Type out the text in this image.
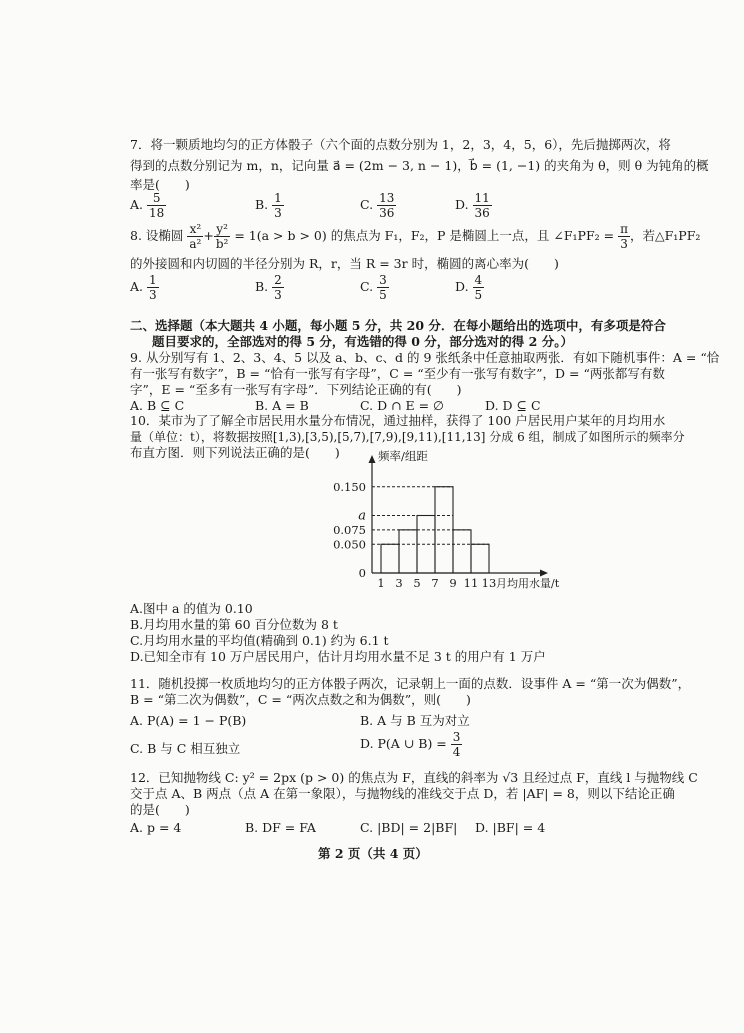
7．将一颗质地均匀的正方体骰子（六个面的点数分别为 1，2，3，4，5，6），先后抛掷两次，将
得到的点数分别记为 m，n，记向量 a⃗ = (2m − 3, n − 1)，b⃗ = (1, −1) 的夹角为 θ，则 θ 为钝角的概
率是(　　)
A. $\frac{5}{18}$	B. $\frac{1}{3}$	C. $\frac{13}{36}$	D. $\frac{11}{36}$
8. 设椭圆 $\frac{\text{x²}}{\text{a²}} + \frac{\text{y²}}{\text{b²}} = 1(a > b > 0)$ 的焦点为 F₁，F₂，P 是椭圆上一点，且 ∠F₁PF₂ = $\frac{\pi}{3}$ ，若△F₁PF₂
的外接圆和内切圆的半径分别为 R，r，当 R = 3r 时，椭圆的离心率为(　　)
A. $\frac{1}{3}$	B. $\frac{2}{3}$	C. $\frac{3}{5}$	D. $\frac{4}{5}$
二、选择题（本大题共 4 小题，每小题 5 分，共 20 分．在每小题给出的选项中，有多项是符合
题目要求的，全部选对的得 5 分，有选错的得 0 分，部分选对的得 2 分。）
9. 从分别写有 1、2、3、4、5 以及 a、b、c、d 的 9 张纸条中任意抽取两张．有如下随机事件：A = “恰
有一张写有数字”，B = “恰有一张写有字母”，C = “至少有一张写有数字”，D = “两张都写有数
字”，E = “至多有一张写有字母”．下列结论正确的有(　　)
A. B ⊆ C	B. A = B	C. D ∩ E = ∅	D. D ⊆ C
10．某市为了了解全市居民用水量分布情况，通过抽样，获得了 100 户居民用户某年的月均用水
量（单位：t），将数据按照[1,3),[3,5),[5,7),[7,9),[9,11),[11,13] 分成 6 组，制成了如图所示的频率分
布直方图．则下列说法正确的是(　　)
0
0.050
0.075
a
0.150
1 3 5 7 9 11 13
频率/组距
月均用水量/t
A.图中 a 的值为 0.10
B.月均用水量的第 60 百分位数为 8 t
C.月均用水量的平均值(精确到 0.1) 约为 6.1 t
D.已知全市有 10 万户居民用户，估计月均用水量不足 3 t 的用户有 1 万户
11．随机投掷一枚质地均匀的正方体骰子两次，记录朝上一面的点数．设事件 A = “第一次为偶数”，
B = “第二次为偶数”，C = “两次点数之和为偶数”，则(　　)
A. P(A) = 1 − P(B)	B. A 与 B 互为对立
C. B 与 C 相互独立	D. P(A ∪ $B) = \frac{3}{4}$
12．已知抛物线 C: y² = 2px (p > 0) 的焦点为 F，直线的斜率为 √3 且经过点 F，直线 l 与抛物线 C
交于点 A、B 两点（点 A 在第一象限），与抛物线的准线交于点 D，若 |AF| = 8，则以下结论正确
的是(　　)
A. p = 4	B. DF = FA	C. |BD| = 2|BF| D. |BF| = 4
第 2 页（共 4 页）
